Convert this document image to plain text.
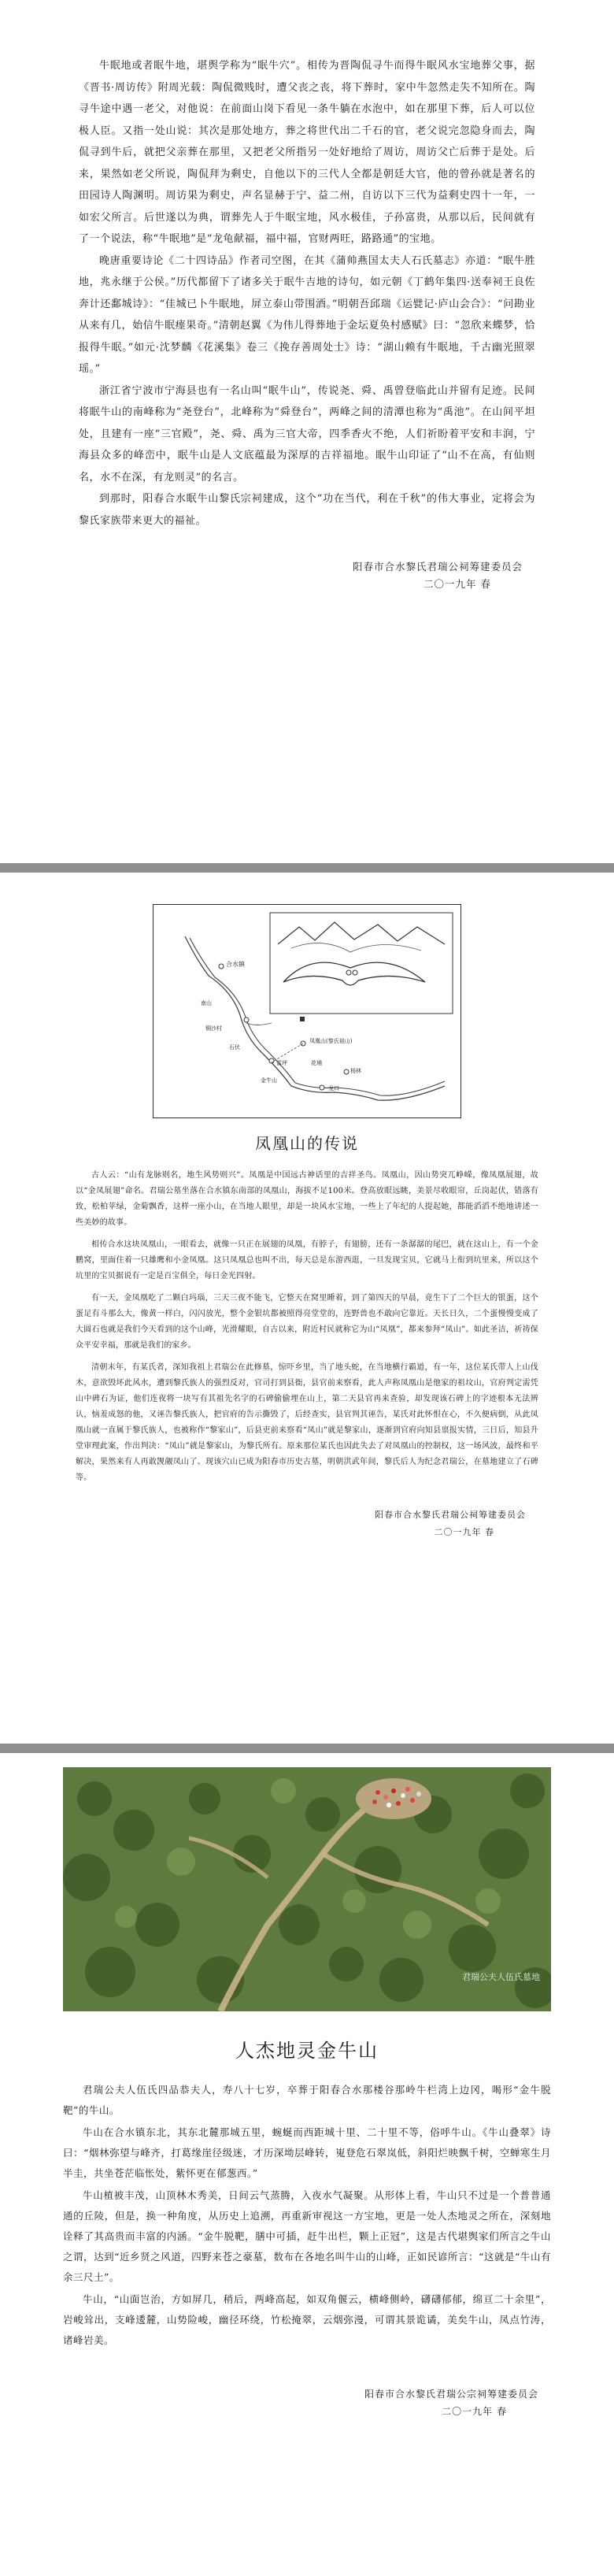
牛眠地或者眠牛地，堪舆学称为“眠牛穴”。相传为晋陶侃寻牛而得牛眠风水宝地葬父事，据《晋书·周访传》附周光载：陶侃微贱时，遭父丧之丧，将下葬时，家中牛忽然走失不知所在。陶寻牛途中遇一老父，对他说：在前面山岗下看见一条牛躺在水泡中，如在那里下葬，后人可以位极人臣。又指一处山说：其次是那处地方，葬之将世代出二千石的官，老父说完忽隐身而去，陶侃寻到牛后，就把父亲葬在那里，又把老父所指另一处好地给了周访，周访父亡后葬于是处。后来，果然如老父所说，陶侃拜为剩史，自他以下的三代人全都是朝廷大官，他的曾孙就是著名的田园诗人陶渊明。周访果为剩史，声名显赫于宁、益二州，自访以下三代为益剩史四十一年，一如宏父所言。后世遂以为典，谓葬先人于牛眠宝地，风水极佳，子孙富贵，从那以后，民间就有了一个说法，称“牛眠地”是“龙龟献福，福中福，官财两旺，路路通”的宝地。

晚唐重要诗论《二十四诗品》作者司空图，在其《蒲帅燕国太夫人石氏墓志》亦道：“眠牛胜地，兆永继于公侯。”历代都留下了诸多关于眠牛吉地的诗句，如元朝《丁鹤年集四·送奉祠王良佐奔计还鄱城诗》：“佳城已卜牛眠地，屏立泰山带围酒。”明朝吾邱瑞《运甓记·庐山会合》：“问勘业从来有几，始信牛眠瘗果奇。”清朝赵翼《为伟儿得葬地于金坛夏奂村感赋》曰：“忽欣来蝶梦，恰报得牛眠。”如元·沈梦麟《花溪集》卷三《挽存善周处士》诗：“湖山赖有牛眠地，千古幽光照翠瑶。”

浙江省宁波市宁海县也有一名山叫“眠牛山”，传说尧、舜、禹曾登临此山并留有足迹。民间将眠牛山的南峰称为“尧登台”，北峰称为“舜登台”，两峰之间的清潭也称为“禹池”。在山间平坦处，且建有一座“三官殿”，尧、舜、禹为三官大帝，四季香火不绝，人们祈盼着平安和丰润，宁海县众多的峰峦中，眠牛山是人文底蕴最为深厚的吉祥福地。眠牛山印证了“山不在高，有仙则名，水不在深，有龙则灵”的名言。

到那时，阳春合水眠牛山黎氏宗祠建成，这个“功在当代，利在千秋”的伟大事业，定将会为黎氏家族带来更大的福祉。

阳春市合水黎氏君瑞公祠筹建委员会
二〇一九年 春
合水镇
南山
铜沙村
石伏
凤凰山(黎氏祖山)
雷坪
金牛山
龙口
杨林
花埔
凤凰山的传说

古人云：“山有龙脉则名，地生风势则兴”。凤凰是中国远古神话里的吉祥圣鸟。凤凰山，因山势突兀峥嵘，像凤凰展翅，故以“金凤展翅”命名。君瑞公墓坐落在合水镇东南部的凤凰山，海拔不足100米。登高放眼远眺，美景尽收眼帘，丘岗起伏，错落有致，松柏苹绿，金菊飘香，这样一座小山，在当地人眼里，却是一块风水宝地，一些上了年纪的人提起她，都能滔滔不绝地讲述一些美妙的故事。

相传合水这块凤凰山，一眼看去，就像一只正在展翅的凤凰，有脖子，有翅膀，还有一条潺潺的尾巴，就在这山上，有一个金鹏窝，里面住着一只雄鹰和小金凤凰。这只凤凰总也叫不出，每天总是东游西逛，一旦发现宝贝，它就马上衔到坑里来，所以这个坑里的宝贝据说有一定是百宝俱全，每日金光四射。

有一天，金凤凰吃了二颗白玛瑙，三天三夜不能飞，它整天在窝里睡着，到了第四天的早晨，竟生下了二个巨大的银蛋，这个蛋足有斗那么大，像黄一样白，闪闪放光，整个金银坑都被照得亮堂堂的，连野兽也不敢向它靠近。天长日久，二个蛋慢慢变成了大圆石也就是我们今天看到的这个山峰，光滑耀眼，自古以来，附近村民就称它为山“凤凰”，都来参拜“凤山”。如此圣洁，祈祷保众平安幸福，那就是我们的家乡。

清朝末年，有某氏者，深知我祖上君瑞公在此修墓，惊吓乡里，当了地头蛇，在当地横行霸道，有一年，这位某氏带人上山伐木，意欲毁坏此风水，遭到黎氏族人的强烈反对，官司打到县衙，县官前来察看，此人声称凤凰山是他家的祖坟山，官府判定需凭山中碑石为证，他们连夜将一块写有其祖先名字的石碑偷偷埋在山上，第二天县官再来查验，却发现该石碑上的字迹根本无法辨认，恼羞成怒的他，又诬告黎氏族人，把官府的告示撕毁了，后经查实，县官判其诬告，某氏对此怀恨在心，不久便病倒，从此凤凰山就一直属于黎氏族人，也被称作“黎家山”，后县吏前来察看“凤山”就是黎家山，逐渐到官府向知县禀报实情，三日后，知县升堂审理此案，作出判决：“凤山”就是黎家山，为黎氏所有。原来那位某氏也因此失去了对凤凰山的控制权，这一场风波，最终和平解决，果然来有人再敢觊觎凤山了。现该穴山已成为阳春市历史古墓，明朝洪武年间，黎氏后人为纪念君瑞公，在墓地建立了石碑等。

阳春市合水黎氏君瑞公祠筹建委员会
二〇一九年 春
君瑞公夫人伍氏墓地
人杰地灵金牛山

君瑞公夫人伍氏四品恭夫人，寿八十七岁，卒葬于阳春合水那楼谷那岭牛栏湾上边冈，喝形“金牛脱靶”的牛山。

牛山在合水镇东北，其东北麓那城五里，蜿蜒而西距城十里、二十里不等，俗呼牛山。《牛山叠翠》诗曰：“烟林弥望与峰齐，打葛缘崖径级迷，才历深坳层峰转，嵬登危石翠岚低，斜阳烂映飘千树，空蝉寒生月半圭，共坐苍茫临怅处，紫怀更在郁葱西。”

牛山植被丰茂，山顶林木秀美，日间云气蒸腾，入夜水气凝聚。从形体上看，牛山只不过是一个普普通通的丘陵，但是，换一种角度，从历史上追溯，再重新审视这一方宝地，更是一处人杰地灵之所在，深刻地诠释了其高贵而丰富的内涵。“金牛脱靶，膳中可插，赶牛出栏，颗上正冠”，这是古代堪舆家们所言之牛山之谓，达到“近乡贤之风道，四野来苍之豪墓，数布在各地名叫牛山的山峰，正如民谚所言：“这就是“牛山有余三尺土”。

牛山，“山面岂治，方如屏几，稍后，两峰高起，如双角偃云，横峰侧岭，礴礴郁郁，绵亘二十余里”，岩峻耸出，支峰逶麓，山势险峻，幽径环绕，竹松掩翠，云烟弥漫，可谓其景诡谲，美矣牛山，凤点竹涛，诸峰岩美。

阳春市合水黎氏君瑞公宗祠筹建委员会
二〇一九年 春
